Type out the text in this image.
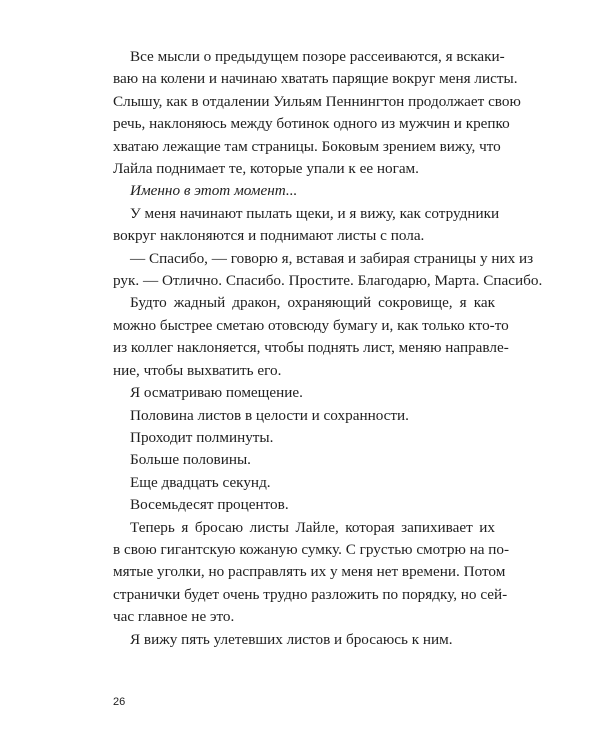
Все мысли о предыдущем позоре рассеиваются, я вскаки-
ваю на колени и начинаю хватать парящие вокруг меня листы.
Слышу, как в отдалении Уильям Пеннингтон продолжает свою
речь, наклоняюсь между ботинок одного из мужчин и крепко
хватаю лежащие там страницы. Боковым зрением вижу, что
Лайла поднимает те, которые упали к ее ногам.
Именно в этот момент...
У меня начинают пылать щеки, и я вижу, как сотрудники
вокруг наклоняются и поднимают листы с пола.
— Спасибо, — говорю я, вставая и забирая страницы у них из
рук. — Отлично. Спасибо. Простите. Благодарю, Марта. Спасибо.
Будто жадный дракон, охраняющий сокровище, я как
можно быстрее сметаю отовсюду бумагу и, как только кто-то
из коллег наклоняется, чтобы поднять лист, меняю направле-
ние, чтобы выхватить его.
Я осматриваю помещение.
Половина листов в целости и сохранности.
Проходит полминуты.
Больше половины.
Еще двадцать секунд.
Восемьдесят процентов.
Теперь я бросаю листы Лайле, которая запихивает их
в свою гигантскую кожаную сумку. С грустью смотрю на по-
мятые уголки, но расправлять их у меня нет времени. Потом
странички будет очень трудно разложить по порядку, но сей-
час главное не это.
Я вижу пять улетевших листов и бросаюсь к ним.
26
